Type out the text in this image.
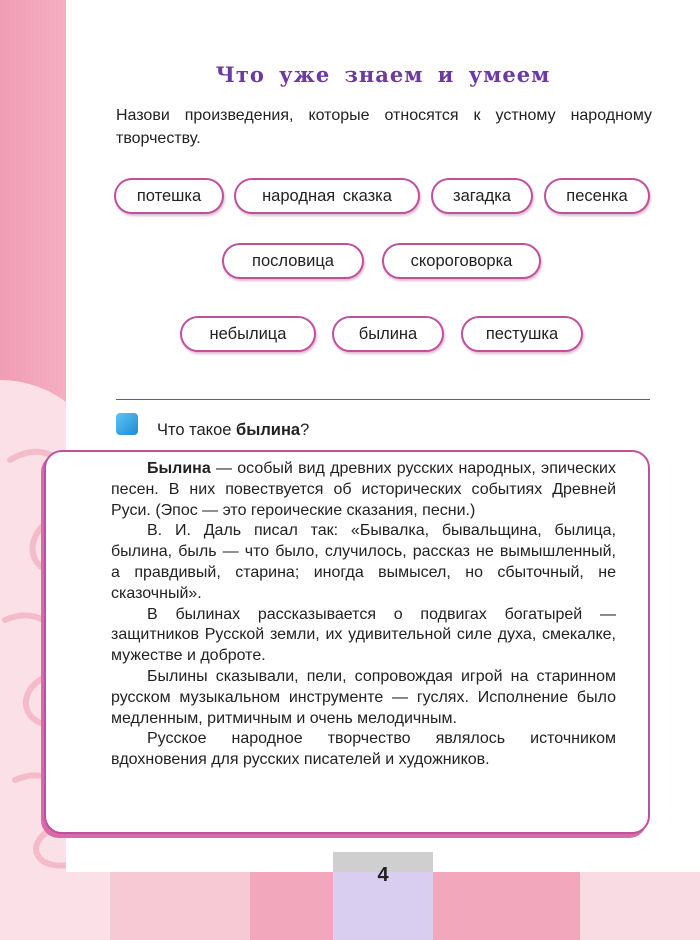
Что уже знаем и умеем
Назови произведения, которые относятся к устному народному творчеству.
потешка	народная сказка	загадка	песенка
пословица	скороговорка
небылица	былина	пестушка
Что такое былина?

Былина — особый вид древних русских народных, эпических песен. В них повествуется об исторических событиях Древней Руси. (Эпос — это героические сказания, песни.)

В. И. Даль писал так: «Бывалка, бывальщина, былица, былина, быль — что было, случилось, рассказ не вымышленный, а правдивый, старина; иногда вымысел, но сбыточный, не сказочный».

В былинах рассказывается о подвигах богатырей — защитников Русской земли, их удивительной силе духа, смекалке, мужестве и доброте.

Былины сказывали, пели, сопровождая игрой на старинном русском музыкальном инструменте — гуслях. Исполнение было медленным, ритмичным и очень мелодичным.

Русское народное творчество являлось источником вдохновения для русских писателей и художников.

4
